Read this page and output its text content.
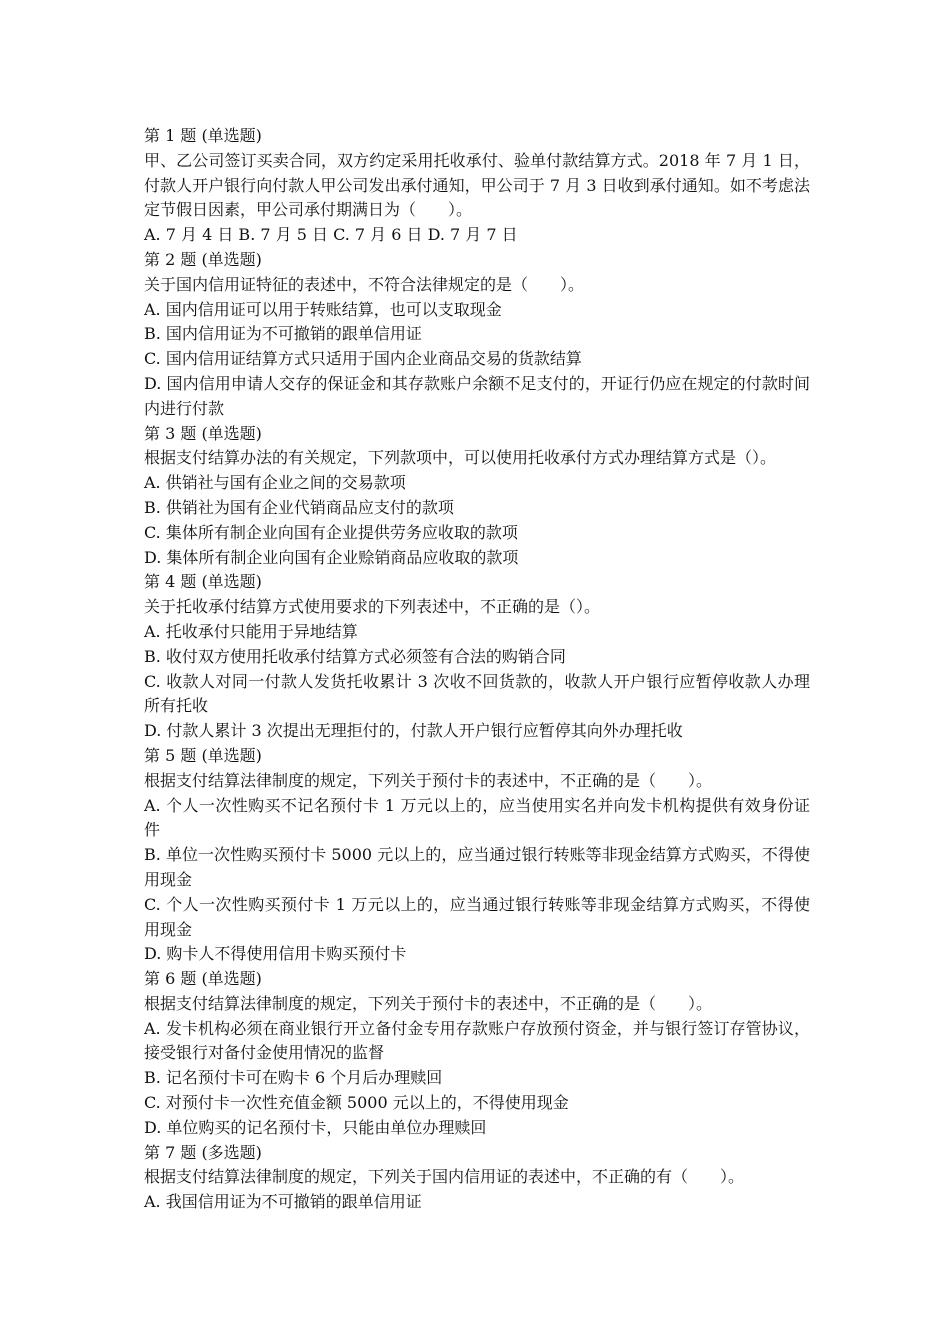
第 1 题 (单选题)

甲、乙公司签订买卖合同，双方约定采用托收承付、验单付款结算方式。2018 年 7 月 1 日，付款人开户银行向付款人甲公司发出承付通知，甲公司于 7 月 3 日收到承付通知。如不考虑法定节假日因素，甲公司承付期满日为（　　）。

A. 7 月 4 日 B. 7 月 5 日 C. 7 月 6 日 D. 7 月 7 日

第 2 题 (单选题)

关于国内信用证特征的表述中，不符合法律规定的是（　　）。

A. 国内信用证可以用于转账结算，也可以支取现金

B. 国内信用证为不可撤销的跟单信用证

C. 国内信用证结算方式只适用于国内企业商品交易的货款结算

D. 国内信用申请人交存的保证金和其存款账户余额不足支付的，开证行仍应在规定的付款时间内进行付款

第 3 题 (单选题)

根据支付结算办法的有关规定，下列款项中，可以使用托收承付方式办理结算方式是（）。

A. 供销社与国有企业之间的交易款项

B. 供销社为国有企业代销商品应支付的款项

C. 集体所有制企业向国有企业提供劳务应收取的款项

D. 集体所有制企业向国有企业赊销商品应收取的款项

第 4 题 (单选题)

关于托收承付结算方式使用要求的下列表述中，不正确的是（）。

A. 托收承付只能用于异地结算

B. 收付双方使用托收承付结算方式必须签有合法的购销合同

C. 收款人对同一付款人发货托收累计 3 次收不回货款的，收款人开户银行应暂停收款人办理所有托收

D. 付款人累计 3 次提出无理拒付的，付款人开户银行应暂停其向外办理托收

第 5 题 (单选题)

根据支付结算法律制度的规定，下列关于预付卡的表述中，不正确的是（　　）。

A. 个人一次性购买不记名预付卡 1 万元以上的，应当使用实名并向发卡机构提供有效身份证件

B. 单位一次性购买预付卡 5000 元以上的，应当通过银行转账等非现金结算方式购买，不得使用现金

C. 个人一次性购买预付卡 1 万元以上的，应当通过银行转账等非现金结算方式购买，不得使用现金

D. 购卡人不得使用信用卡购买预付卡

第 6 题 (单选题)

根据支付结算法律制度的规定，下列关于预付卡的表述中，不正确的是（　　）。

A. 发卡机构必须在商业银行开立备付金专用存款账户存放预付资金，并与银行签订存管协议，接受银行对备付金使用情况的监督

B. 记名预付卡可在购卡 6 个月后办理赎回

C. 对预付卡一次性充值金额 5000 元以上的，不得使用现金

D. 单位购买的记名预付卡，只能由单位办理赎回

第 7 题 (多选题)

根据支付结算法律制度的规定，下列关于国内信用证的表述中，不正确的有（　　）。

A. 我国信用证为不可撤销的跟单信用证
